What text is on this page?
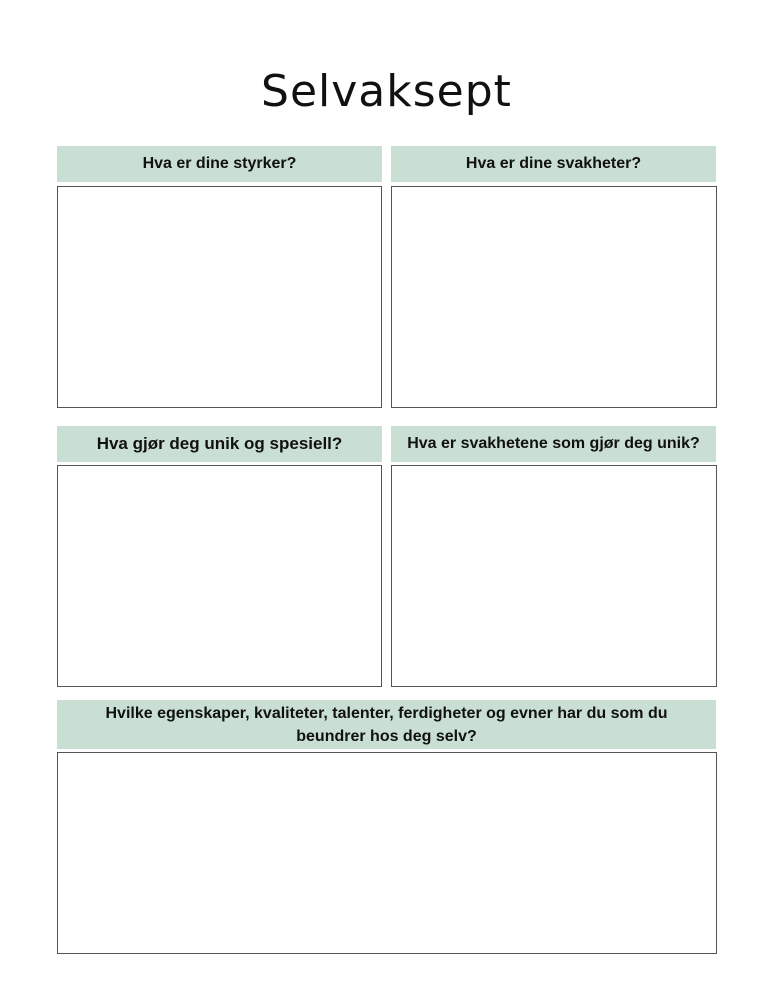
Selvaksept
Hva er dine styrker?	Hva er dine svakheter?
Hva gjør deg unik og spesiell?	Hva er svakhetene som gjør deg unik?
Hvilke egenskaper, kvaliteter, talenter, ferdigheter og evner har du som du beundrer hos deg selv?
